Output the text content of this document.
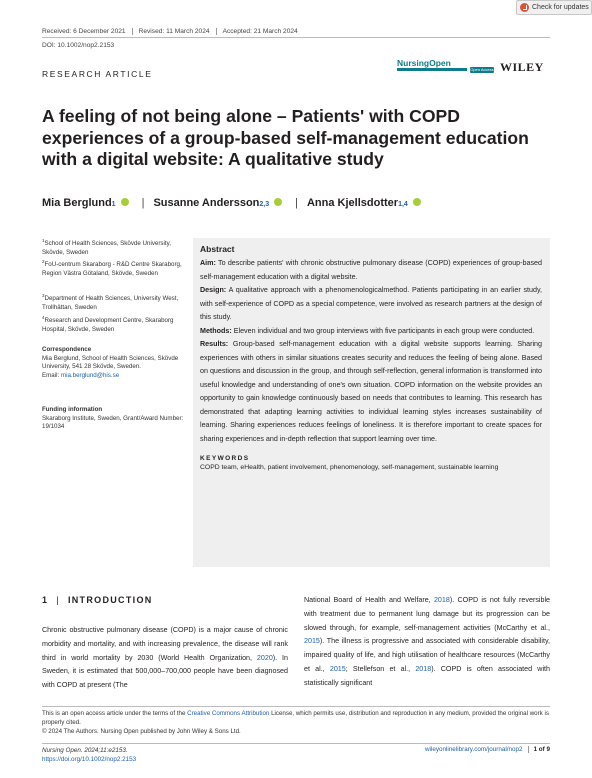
Check for updates
Received: 6 December 2021	Revised: 11 March 2024	Accepted: 21 March 2024
DOI: 10.1002/nop2.2153
RESEARCH ARTICLE
NursingOpen
Open Access WILEY
A feeling of not being alone – Patients' with COPD experiences of a group-based self-management education with a digital website: A qualitative study
Mia Berglund 1 | Susanne Andersson 2,3 | Anna Kjellsdotter 1,4
$^1$School of Health Sciences, Skövde University, Skövde, Sweden
$^2$FoU-centrum Skaraborg - R&D Centre Skaraborg, Region Västra Götaland, Skövde, Sweden
$^3$Department of Health Sciences, University West, Trollhättan, Sweden
$^4$Research and Development Centre, Skaraborg Hospital, Skövde, Sweden
Correspondence
Mia Berglund, School of Health Sciences, Skövde University, 541 28 Skövde, Sweden.
Email: mia.berglund@his.se
Funding information
Skaraborg Institute, Sweden, Grant/Award Number: 19/1034
Abstract

Aim: To describe patients' with chronic obstructive pulmonary disease (COPD) experiences of group-based self-management education with a digital website.

Design: A qualitative approach with a phenomenologicalmethod. Patients participating in an earlier study, with self-experience of COPD as a special competence, were involved as research partners at the design of this study.

Methods: Eleven individual and two group interviews with five participants in each group were conducted.

Results: Group-based self-management education with a digital website supports learning. Sharing experiences with others in similar situations creates security and reduces the feeling of being alone. Based on questions and discussion in the group, and through self-reflection, general information is transformed into useful knowledge and understanding of one's own situation. COPD information on the website provides an opportunity to gain knowledge continuously based on needs that contributes to learning. This research has demonstrated that adapting learning activities to individual learning styles increases sustainability of learning. Sharing experiences reduces feelings of loneliness. It is therefore important to create spaces for sharing experiences and in-depth reflection that support learning over time.

KEYWORDS
COPD team, eHealth, patient involvement, phenomenology, self-management, sustainable learning
1 | INTRODUCTION

Chronic obstructive pulmonary disease (COPD) is a major cause of chronic morbidity and mortality, and with increasing prevalence, the disease will rank third in world mortality by 2030 (World Health Organization, 2020). In Sweden, it is estimated that 500,000–700,000 people have been diagnosed with COPD at present (The

National Board of Health and Welfare, 2018). COPD is not fully reversible with treatment due to permanent lung damage but its progression can be slowed through, for example, self-management activities (McCarthy et al., 2015). The illness is progressive and associated with considerable disability, impaired quality of life, and high utilisation of healthcare resources (McCarthy et al., 2015; Stellefson et al., 2018). COPD is often associated with statistically significant

This is an open access article under the terms of the Creative Commons Attribution License, which permits use, distribution and reproduction in any medium, provided the original work is properly cited.
© 2024 The Authors. Nursing Open published by John Wiley & Sons Ltd.
Nursing Open. 2024;11:e2153.
https://doi.org/10.1002/nop2.2153
wileyonlinelibrary.com/journal/nop2	1 of 9
